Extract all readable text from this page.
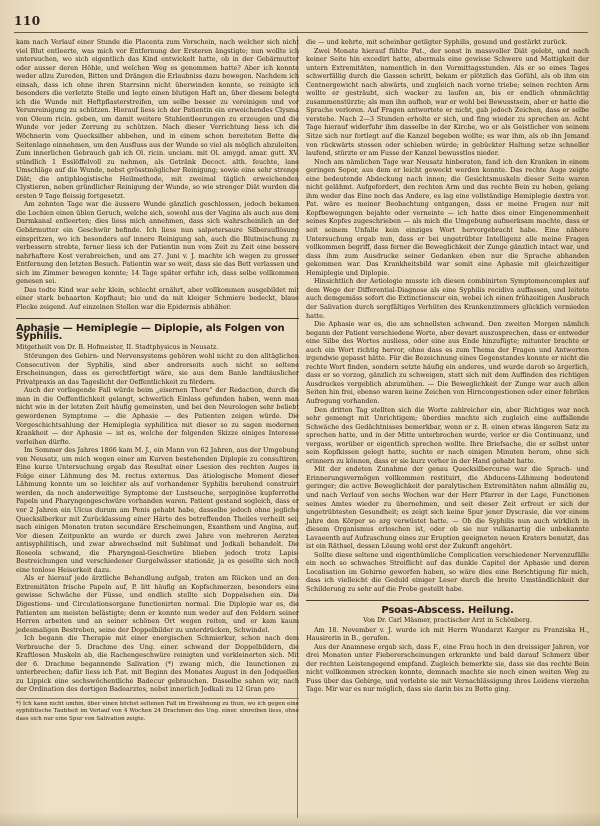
110

kam nach Verlauf einer Stunde die Placenta zum Vorschein, nach welcher sich nicht viel Blut entleerte, was mich vor Entfernung der Ersteren ängstigte; nun wollte ich untersuchen, wo sich eigentlich das Kind entwickelt hatte, ob in der Gebärmutter oder ausser deren Höhle, und welchen Weg es genommen hatte? Aber ich konnte weder allzu Zureden, Bitten und Drängen die Erlaubniss dazu bewegen. Nachdem ich einsah, dass ich ohne ihren Starrsinn nicht überwinden konnte, so reinigte ich besonders die verletzte Stelle und legte einen blutigen Haft an, über diesem belegte ich die Wunde mit Heftpflasterstreifen, um selbe besser zu vereinigen und vor Verunreinigung zu schützen. Hierauf liess ich der Patientin ein erweichendes Clysma von Oleum ricin. geben, um damit weitere Stuhlentleerungen zu erzeugen und die Wunde vor jeder Zerrung zu schützen. Nach dieser Verrichtung liess ich die Wöchnerin vom Quecksilber abbehen, und in einem schon bereiteten Bette die Seitenlage einnehmen, um den Ausfluss aus der Wunde so viel als möglich abzuleiten. Zum innerlichen Gebrauch gab ich Ol. ricin. unciam. mit Ol. amygd. amar. gutt. XV. stündlich 1 Esslöffelvoll zu nehmen, als Getränk Decoct. alth. feuchte, lane Umschläge auf die Wunde, nebst grösstmöglicher Reinigung; sowie eine sehr strenge Diät; die antiphlogistische Heilmethode, mit zweimal täglich erweichenden Clystieren, neben gründlicher Reinigung der Wunde, so wie strenger Diät wurden die ersten 9 Tage fleissig fortgesetzt.

Am zehnten Tage war die äussere Wunde gänzlich geschlossen, jedoch bekamen die Lochien einen üblen Geruch, welche sich, sowohl aus der Vagina als auch aus dem Darmkanal entleerten; dies liess mich annehmen, dass sich wahrscheinlich an der Gebärmutter ein Geschwür befinde. Ich liess nun salpetersaure Silberauflösung einspritzen, wo ich besonders auf innere Reinigung sah, auch die Blutmischung zu verbessern strebte, ferner liess ich der Patientin nun vom Zeit zu Zeit eine bessere nahrhaftere Kost verabreichen, und am 27. Juni v. J. machte ich wegen zu grosser Entfernung den letzten Besuch. Patientin war so weit, dass sie das Bett verlassen und sich im Zimmer bewegen konnte; 14 Tage später erfuhr ich, dass selbe vollkommen genesen sei.

Das todte Kind war sehr klein, schlecht ernährt, aber vollkommen ausgebildet mit einer stark behaarten Kopfhaut; bio und da mit kleiger Schmiere bedeckt, blaue Flecke zeigend. Auf einzelnen Stellen war die Epidermis abhäher.

Aphasie — Hemiplegie — Diplopie, als Folgen von Syphilis.

Mitgetheilt von Dr. B. Hofmeister, II. Stadtphysicus in Neusatz.

Störungen des Gehirn- und Nervensystems gehören wohl nicht zu den alltäglichen Consecutiven der Syphilis, sind aber andrerseits auch nicht so seltene Erscheinungen, dass es gerechtfertigt wäre, sie aus dem Banle landtäuslicher Privatpraxis an das Tageslicht der Oeffentlichkeit zu fördern.

Auch der vorliegende Fall würde beim „eisernen Thore" der Redaction, durch die man in die Oeffentlichkeit gelangt, schwerlich Einlass gefunden haben, wenn man nicht wie in der letzten Zeit häufig gemeinsten, und bei den Neurologen sehr beliebt gewordenen Symptome — die Aphasie — des Patienten zeigen würde. Die Vorgeschichtsahlung der Hemiplegia syphilitica mit dieser so zu sagen modernen Krankheit — der Aphasie — ist es, welche der folgenden Skizze einiges Interesse verleihen dürfte.

Im Sommer des Jahres 1866 kam M. J., ein Mann von 62 Jahren, aus der Umgebung von Neusatz, um mich wegen einer am Kurven bestehenden Diplopie zu consultiren. Eine kurze Untersuchung ergab das Resultat einer Lsesion des rechten Auges in Folge einer Lähmung des M. rectus externus. Das ätiologische Moment dieser Lähmung konnte um so leichter als auf vorhandener Syphilis beruhend construirt werden, da noch anderweitige Symptome der Lustseuche, serpiginöse kupferrothe Papeln und Pharyngengeschwüre vorhanden waren. Patient gestand sogleich, dass er vor 2 Jahren ein Ulcus durum am Penis gehabt habe, dasselbe jedoch ohne jegliche Quecksilberkur mit Zurücklassung einer Härte des betreffenden Theiles verheilt sei; nach einigen Monaten traten secundäre Erscheinungen, Exanthem und Angina, auf. Vor diesen Zeitpunkte an wurde er durch zwei Jahre von mehreren Aerzten antisyphilitisch, und zwar abwechselnd mit Sublimat und Jodkali behandelt. Die Roseola schwand, die Pharyngeal-Geschwüre blieben jedoch trotz Lapis-Bestreichungen und verschiedener Gurgelwässer stationär, ja es gesellte sich noch eine tonlose Heiserkeit dazu.

Als er hierauf jede ärztliche Behandlung aufgab, traten am Rücken und an den Extremitäten frische Papeln auf, P. litt häufig an Kopfschmerzen, besonders eine gewisse Schwäche der Füsse, und endlich stellte sich Doppelsehen ein. Die Digestions- und Circulationsorgane functionirten normal. Die Diplopie war es, die Patienten am meisten belästigte; denn er konnte nun weder auf den Feldern seiner Herren arbeiten und an seiner schönen Ort wegen reiten, und er kam kaum jedesmaligen Bestreben, seine der Doppelbilder zu unterdrücken, Schwindel.

Ich begann die Therapie mit einer energischen Schmierkur, schon nach dem Verbrauche der 5. Drachme des Ung. einer. schwand der Doppelbildern, die Kraftlosen Muskeln ab, die Rachengeschwüre reinigten und verkleinerten sich. Mit der 6. Drachme begannende Salivation (*) zwang mich, die Inunctionen zu unterbrechen; dafür liess ich P.at. mit Beginn des Monates August in den Jodquellen zu Lippick eine sechswöchentliche Badecur gebrauchen. Dasselbe sahen wir, nach der Ordination des dortigen Badearztes, nebst innerlich Jodkali zu 12 Gran pro

*) Ich kann nicht umhin, über einen höchst seltenen Fall im Erwähnung zu thun, wo ich gegen eine syphilitische Taubheit im Verlauf von 4 Wochen 24 Drachmen des Ung. einer. einreiben liess, ohne dass sich nur eine Spur von Salivation zeigte.

die — und kehrte, mit scheinbar getilgter Syphilis, gesund und gestärkt zurück.

Zwei Monate hierauf fühlte Pat., der sonst in massvoller Diät gelebt, und nach keiner Seite hin excedirt hatte, abermals eine gewisse Schwere und Mattigkeit der untern Extremitäten, namentlich in den Vormittagsstunden. Als er so eines Tages schwerfällig durch die Gassen schritt, bekam er plötzlich das Gefühl, als ob ihm ein Centnergewicht nach abwärts, und zugleich nach vorne triebe; seinen rechten Arm wollte er gesträubt, sich wacker zu laufen an, bis er endlich ohnmächtig zusammenstürzte; als man ihn aufhob, war er wohl bei Bewusstsein, aber er hatte die Sprache verloren. Auf Fragen antwortete er nicht, gab jedoch Zeichen, dass er selbe verstehe. Nach 2—3 Stunden erholte er sich, und fing wieder zu sprechen an. Acht Tage hierauf widerfuhr ihm dasselbe in der Kirche, wo er als Geistlicher von seinem Sitze sich nur fortlegt auf die Kanzel begeben wollte; es war ihm, als ob ihn Jemand von rückwärts stossen oder schieben würde; in gebückter Haltung setze schneller laufend, stürzte er am Fusse der Kanzel bewusstlos nieder.

Noch am nämlichen Tage war Neusatz hinberaten, fand ich den Kranken in einem geringen Sopor, aus dem er leicht geweckt werden konnte. Das rechte Auge zeigte eine bedeutende Abdeckung nach innen; die Gesichtsmuskeln dieser Seite waren nicht gelähmt. Aufgefordert, den rechten Arm und das rechte Bein zu heben, gelang ihm weder das Eine noch das Andere, es lag eine vollständige Hemiplegie dextra vor. Pat. wäre es meiner Beobachtung entgangen, dass er meine Fragen nur mit Kopfbewegungen bejahte oder verneinte — ich hatte dies einer Eingenommenheit seines Kopfes zugeschrieben — als mich die Umgebung aufmerksam machte, dass er seit seinem Unfalle kein einziges Wort hervorgebracht habe. Eine nähere Untersuchung ergab nun, dass er bei ungetrübter Intelligenz alle meine Fragen vollkommen begriff, dass ferner die Beweglichkeit der Zunge gänzlich intact war, und dass ihm zum Ausdrucke seiner Gedanken eben nur die Sprache abhanden gekommen war. Das Krankheitsbild war somit eine Aphasie mit gleichzeitiger Hemiplegie und Diplopie.

Hinsichtlich der Aetiologie musste ich diesen combinirten Symptomencomplex auf dem Wege der Differential-Diagnose als eine Syphilis recidiva auffassen, und leitete auch demgemäss sofort die Extinctionscur ein, wobei ich einen frühzeitigen Ausbruch der Salivation durch sorgfältiges Verhüten des Krankenzimmers glücklich vermieden hatte.

Die Aphasie war es, die am schnellsten schwand. Den zweiten Morgen nämlich begann der Patient verschiedene Worte, aber devart auszusprechen, dass er entweder eine Silbe des Wortes ausliess, oder eine aus Ende hinzufügte; mitunter brachte er auch ein Wort richtig hervor, ohne dass es zum Thema der Fragen und Antworten irgendwie gepasst hätte. Für die Bezeichnung eines Gegenstandes konnte er nicht die rechte Wort finden, sondern setzte häufig ein anderes, und wurde darob so ärgerlich, dass er so vorzog, gänzlich zu schweigen, statt sich mit dem Auffinden des richtigen Ausdruckes vergeblich abzumühen. — Die Beweglichkeit der Zunge war auch allen Seiten hin frei, ebenso waren keine Zeichen von Hirncongestionen oder einer febrilen Aufregung vorhanden.

Den dritten Tag stellten sich die Worte zahlreicher ein, aber Richtiges war noch sehr gemengt mit Unrichtigem; überdies machte sich zugleich eine auffallende Schwäche des Gedächtnisses bemerkbar, wenn er z. B. einen etwas längeren Satz zu sprechen hatte, und in der Mitte unterbrochen wurde, verlor er die Continuanz, und vergass, worüber er eigentlich sprechen wollte. Ihre Briefsache, die er selbst unter sein Kopfkissen gelegt hatte, suchte er nach einigen Minuten herum, ohne sich erinnern zu können, dass er sie kurz vorher in der Hand gehabt hatte.

Mit der endeten Zunahme der genau Quecksilbercurse war die Sprach- und Erinnerungsvermögen vollkommen restituirt, die Abducens-Lähmung bedeutend geringer; die active Beweglichkeit der paralytischen Extremitäten nahm allmälig zu, und nach Verlauf von sechs Wochen war der Herr Pfarrer in der Lage, Functionen seines Amtes wieder zu übernehmen, und seit dieser Zeit erfreut er sich der ungetrübtesten Gesundheit; es zeigt sich keine Spur jener Dyscrasie, die vor einem Jahre den Körper so arg verwüstet hatte. — Ob die Syphilis nun auch wirklich in diesem Organismus erloschen ist, oder ob sie nur vulkanartig die unbekannte Lavaeenth auf Aufzuschung eines zur Eruption geeigneten neuen Kraters benutzt, das ist ein Räthsel, dessen Lösung wohl erst der Zukunft angehört.

Sollte diese seltene und eigenthümliche Complication verschiedener Nervenzufälle ein noch so schwaches Streiflicht auf das dunkle Capitel der Aphasie und deren Localisation im Gehirne geworfen haben, so wäre dies eine Berichtigung für mich, dass ich vielleicht die Geduld einiger Leser durch die breite Umständlichkeit der Schilderung zu sehr auf die Probe gestellt habe.

Psoas-Abscess. Heilung.

Von Dr. Carl Mäsmer, practischer Arzt in Schönberg.

Am 18. November v. J. wurde ich mit Herrn Wundarzt Karger zu Franziska H., Hausirerin in B., gerufen.

Aus der Anamnese ergab sich, dass F., eine Frau hoch in den dreissiger Jahren, vor drei Monaten unter Fiebererscheinungen erkrankte und bald darauf Schmerz über der rechten Leistengegend empfand. Zugleich bemerkte sie, dass sie das rechte Bein nicht vollkommen strecken konnte, demnach machte sie noch einen weiten Weg zu Fuss über das Gebirge, und verlebte sie mit Vernachlässigung ihres Leidens vierzehn Tage. Mir war es nur möglich, dass sie darin bis zu Bette ging.
